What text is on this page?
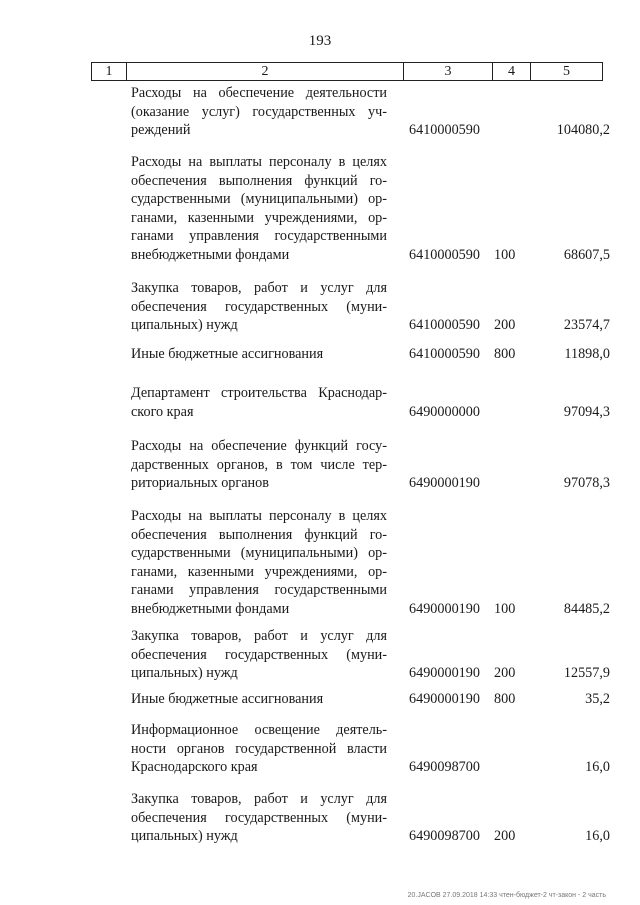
193
1	2	3	4	5
Расходы на обеспечение деятельности
(оказание услуг) государственных уч-
реждений	6410000590	104080,2
Расходы на выплаты персоналу в целях
обеспечения выполнения функций го-
сударственными (муниципальными) ор-
ганами, казенными учреждениями, ор-
ганами управления государственными
внебюджетными фондами	6410000590 100	68607,5
Закупка товаров, работ и услуг для
обеспечения государственных (муни-
ципальных) нужд	6410000590 200	23574,7
Иные бюджетные ассигнования	6410000590 800	11898,0
Департамент строительства Краснодар-
ского края	6490000000	97094,3
Расходы на обеспечение функций госу-
дарственных органов, в том числе тер-
риториальных органов	6490000190	97078,3
Расходы на выплаты персоналу в целях
обеспечения выполнения функций го-
сударственными (муниципальными) ор-
ганами, казенными учреждениями, ор-
ганами управления государственными
внебюджетными фондами	6490000190 100	84485,2
Закупка товаров, работ и услуг для
обеспечения государственных (муни-
ципальных) нужд	6490000190 200	12557,9
Иные бюджетные ассигнования	6490000190 800	35,2
Информационное освещение деятель-
ности органов государственной власти
Краснодарского края	6490098700	16,0
Закупка товаров, работ и услуг для
обеспечения государственных (муни-
ципальных) нужд	6490098700 200	16,0
20.JACOB 27.09.2018 14:33 чтен-бюджет-2 чт-закон - 2 часть
